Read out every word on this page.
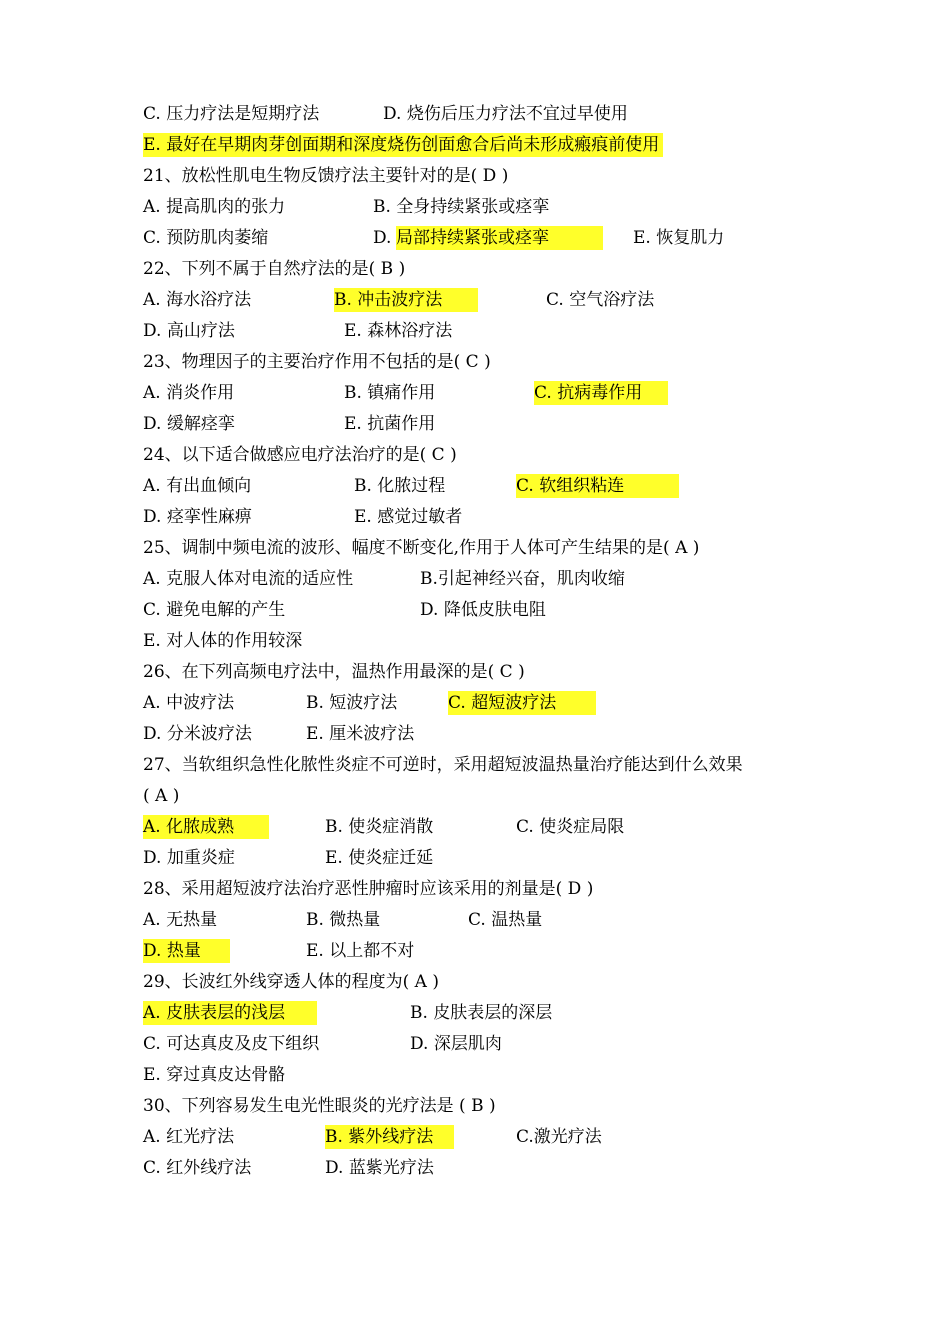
C. 压力疗法是短期疗法	D. 烧伤后压力疗法不宜过早使用
E. 最好在早期肉芽创面期和深度烧伤创面愈合后尚未形成瘢痕前使用
21、放松性肌电生物反馈疗法主要针对的是( D )
A. 提高肌肉的张力	B. 全身持续紧张或痉挛
C. 预防肌肉萎缩	D. 局部持续紧张或痉挛	E. 恢复肌力
22、下列不属于自然疗法的是( B )
A. 海水浴疗法	B. 冲击波疗法	C. 空气浴疗法
D. 高山疗法	E. 森林浴疗法
23、物理因子的主要治疗作用不包括的是( C )
A. 消炎作用	B. 镇痛作用	C. 抗病毒作用
D. 缓解痉挛	E. 抗菌作用
24、以下适合做感应电疗法治疗的是( C )
A. 有出血倾向	B. 化脓过程	C. 软组织粘连
D. 痉挛性麻痹	E. 感觉过敏者
25、调制中频电流的波形、幅度不断变化,作用于人体可产生结果的是( A )
A. 克服人体对电流的适应性	B.引起神经兴奋，肌肉收缩
C. 避免电解的产生	D. 降低皮肤电阻
E. 对人体的作用较深
26、在下列高频电疗法中，温热作用最深的是( C )
A. 中波疗法	B. 短波疗法	C. 超短波疗法
D. 分米波疗法	E. 厘米波疗法
27、当软组织急性化脓性炎症不可逆时，采用超短波温热量治疗能达到什么效果
( A )
A. 化脓成熟	B. 使炎症消散	C. 使炎症局限
D. 加重炎症	E. 使炎症迁延
28、采用超短波疗法治疗恶性肿瘤时应该采用的剂量是( D )
A. 无热量	B. 微热量	C. 温热量
D. 热量	E. 以上都不对
29、长波红外线穿透人体的程度为( A )
A. 皮肤表层的浅层	B. 皮肤表层的深层
C. 可达真皮及皮下组织	D. 深层肌肉
E. 穿过真皮达骨骼
30、下列容易发生电光性眼炎的光疗法是 ( B )
A. 红光疗法	B. 紫外线疗法	C.激光疗法
C. 红外线疗法	D. 蓝紫光疗法
